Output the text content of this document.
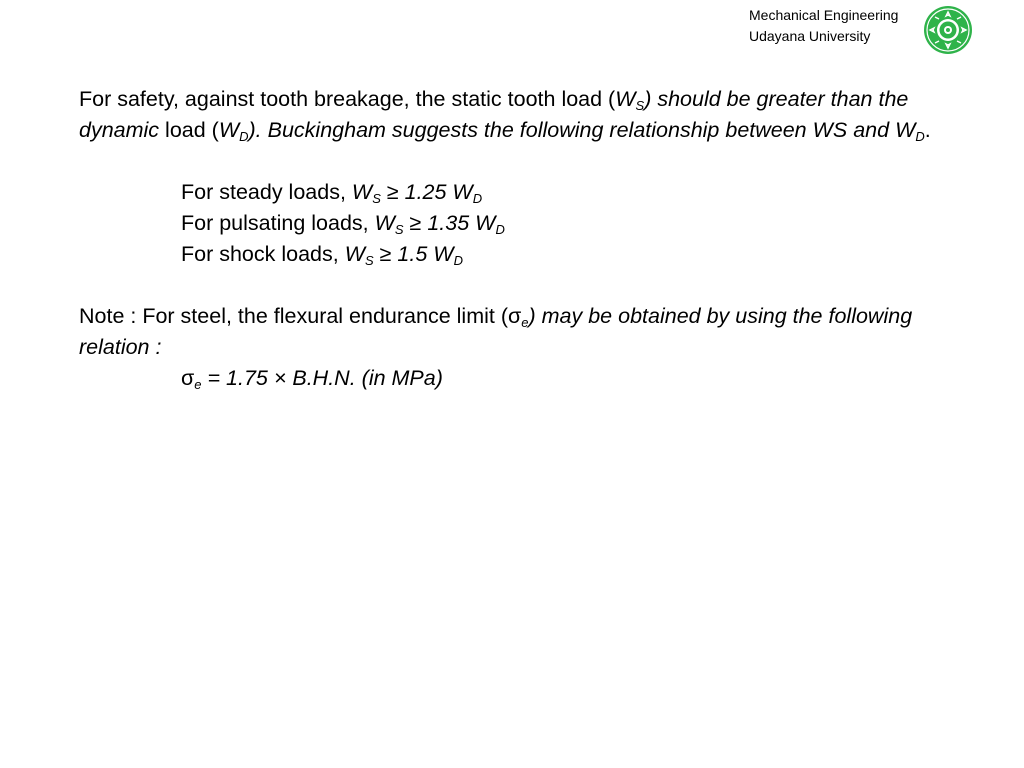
Mechanical Engineering
Udayana University

For safety, against tooth breakage, the static tooth load $(W_S)$ should be greater than the dynamic load $(W_D)$. Buckingham suggests the following relationship between WS and $W_D$.

For steady loads, $W_S \ge 1.25$ $W_D$

For pulsating loads, $W_S \ge 1.35$ $W_D$

For shock loads, $W_S \ge 1.5$ $W_D$

Note : For steel, the flexural endurance limit $(\sigma_e)$ may be obtained by using the following relation :

$\sigma_e = 1.75 \times B.H.N$. (in MPa)
